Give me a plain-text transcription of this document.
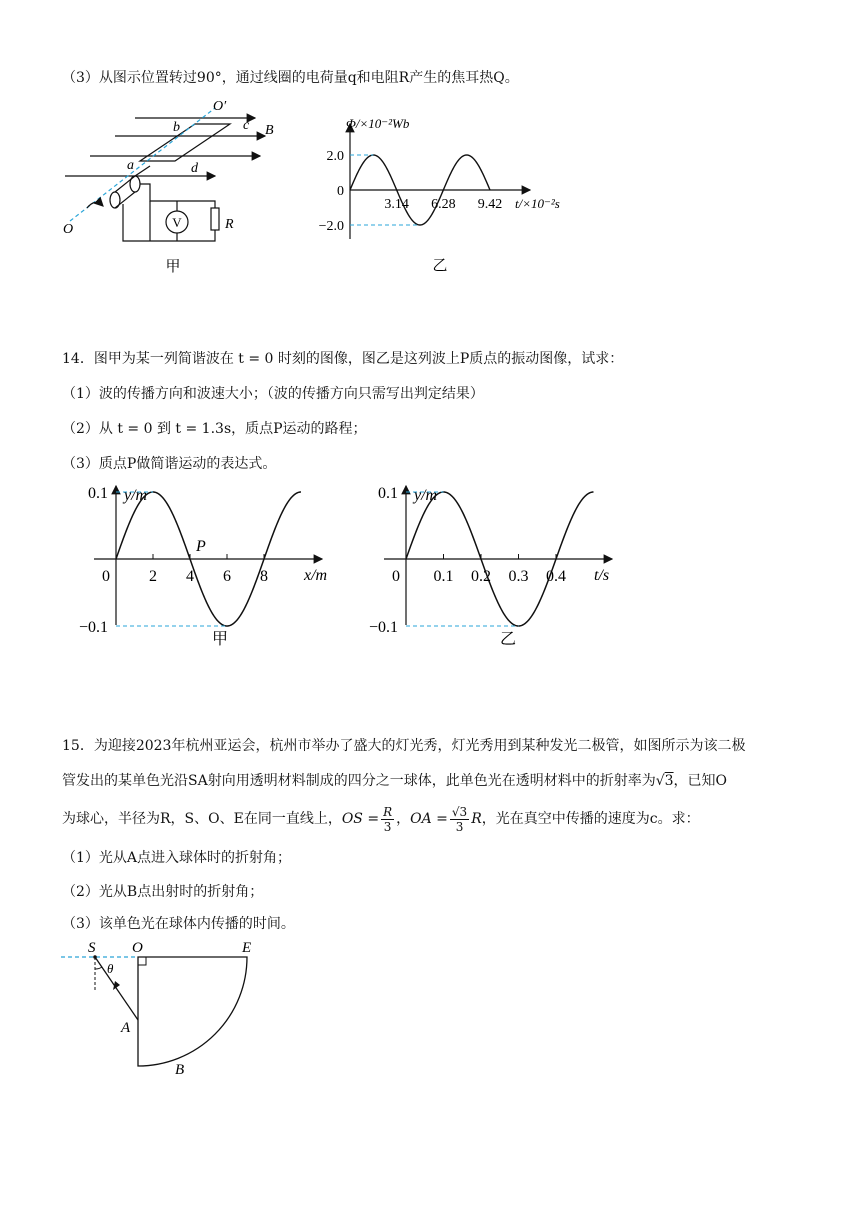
（3）从图示位置转过90°，通过线圈的电荷量q和电阻R产生的焦耳热Q。
V
O′
b	c B
a	d
O	R
甲
Φ/×10⁻²Wb
t/×10⁻²s
2.0
0
−2.0
3.14 6.28 9.42
乙
14．图甲为某一列简谐波在 t = 0 时刻的图像，图乙是这列波上P质点的振动图像，试求：
（1）波的传播方向和波速大小；（波的传播方向只需写出判定结果）
（2）从 t = 0 到 t = 1.3s，质点P运动的路程；
（3）质点P做简谐运动的表达式。
y/m
x/m
0.1
−0.1
0 2 4 6 8
P
甲
y/m
t/s
0.1
−0.1
0 0.1 0.2 0.3 0.4
乙
15．为迎接2023年杭州亚运会，杭州市举办了盛大的灯光秀，灯光秀用到某种发光二极管，如图所示为该二极
管发出的某单色光沿SA射向用透明材料制成的四分之一球体，此单色光在透明材料中的折射率为√3，已知O
为球心，半径为R，S、O、E在同一直线上，OS = $\frac{R}{3}$ ，OA = $\frac{√3}{3}$ R，光在真空中传播的速度为c。求：
（1）光从A点进入球体时的折射角；
（2）光从B点出射时的折射角；
（3）该单色光在球体内传播的时间。
S O	E
θ
A
B
